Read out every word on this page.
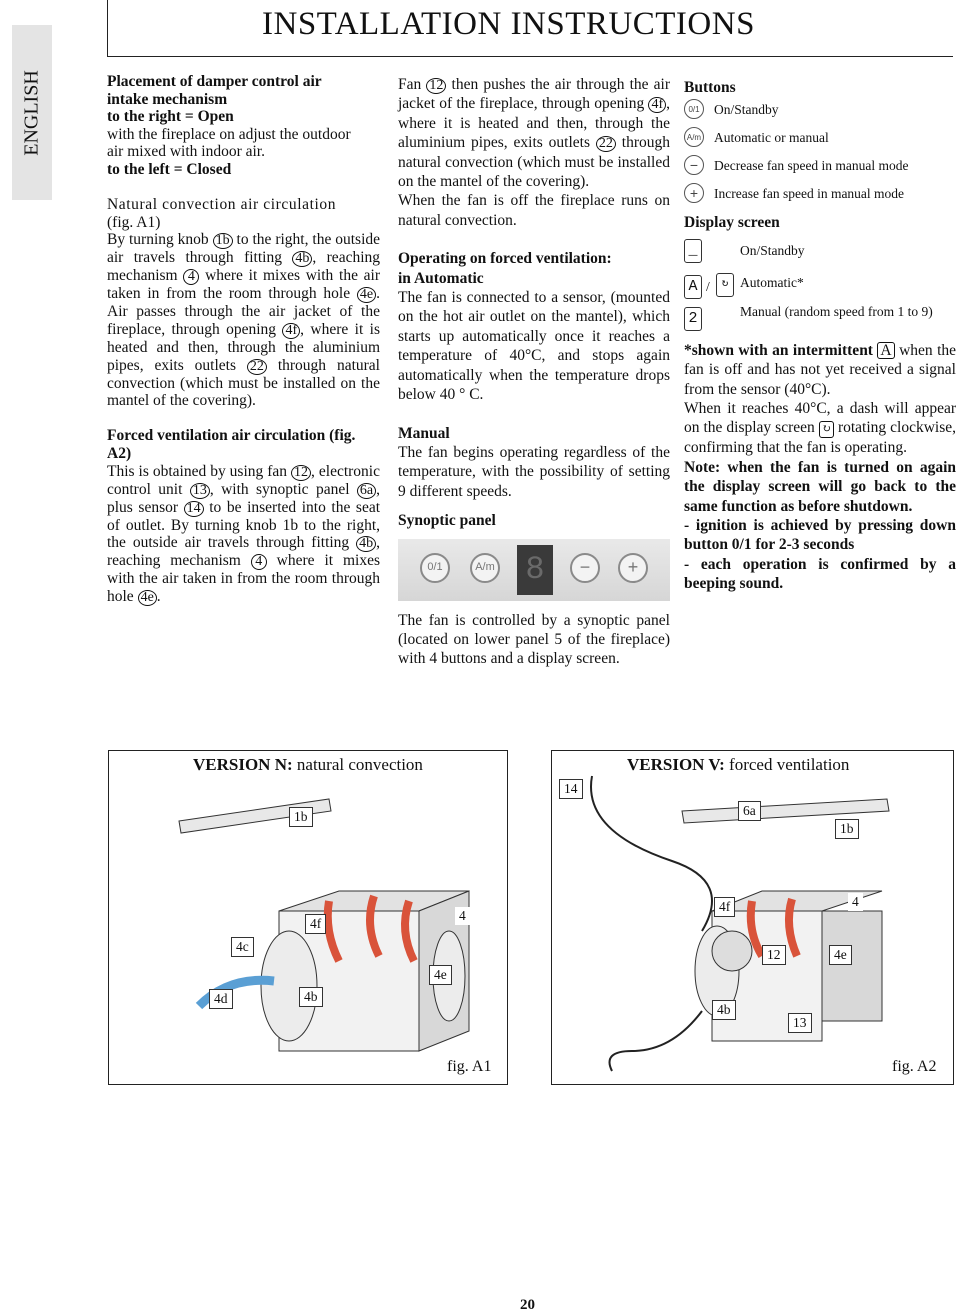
ENGLISH
INSTALLATION INSTRUCTIONS

Placement of damper control air
intake mechanism
to the right = Open

with the fireplace on adjust the outdoor
air mixed with indoor air.

to the left = Closed

Natural convection air circulation
(fig. A1)

By turning knob 1b to the right, the outside air travels through fitting 4b , reaching mechanism 4 where it mixes with the air taken in from the room through hole 4e . Air passes through the air jacket of the fireplace, through opening 4f , where it is heated and then, through the aluminium pipes, exits outlets 22 through natural convection (which must be installed on the mantel of the covering).

Forced ventilation air circulation (fig.
A2)

This is obtained by using fan 12 , electronic control unit 13 , with synoptic panel 6a , plus sensor 14 to be inserted into the seat of outlet. By turning knob 1b to the right, the outside air travels through fitting 4b , reaching mechanism 4 where it mixes with the air taken in from the room through hole 4e .

Fan 12 then pushes the air through the air jacket of the fireplace, through opening 4f , where it is heated and then, through the aluminium pipes, exits outlets 22 through natural convection (which must be installed on the mantel of the covering).

When the fan is off the fireplace runs on natural convection.

Operating on forced ventilation:
in Automatic

The fan is connected to a sensor, (mounted on the hot air outlet on the mantel), which starts up automatically once it reaches a temperature of 40°C, and stops again automatically when the temperature drops below 40 ° C.

Manual

The fan begins operating regardless of the temperature, with the possibility of setting 9 different speeds.

Synoptic panel

0/1	A/m 8	−	+

The fan is controlled by a synoptic panel (located on lower panel 5 of the fireplace) with 4 buttons and a display screen.

Buttons

0/1	On/Standby
A/m Automatic or manual
−	Decrease fan speed in manual mode
+	Increase fan speed in manual mode

Display screen

_	On/Standby
A /	↻ Automatic*
2	Manual (random speed from 1 to 9)

*shown with an intermittent A when the fan is off and has not yet received a signal from the sensor (40°C).

When it reaches 40°C, a dash will appear on the display screen ↻ rotating clockwise, confirming that the fan is operating.

Note: when the fan is turned on again the display screen will go back to the same function as before shutdown.

- ignition is achieved by pressing down button 0/1 for 2-3 seconds

- each operation is confirmed by a beeping sound.

VERSION N: natural convection
1b
4f
4
4c
4e
4d	4b
fig. A1
VERSION V: forced ventilation
14
6a
1b
4f	4
12	4e
4b
13
fig. A2
20
